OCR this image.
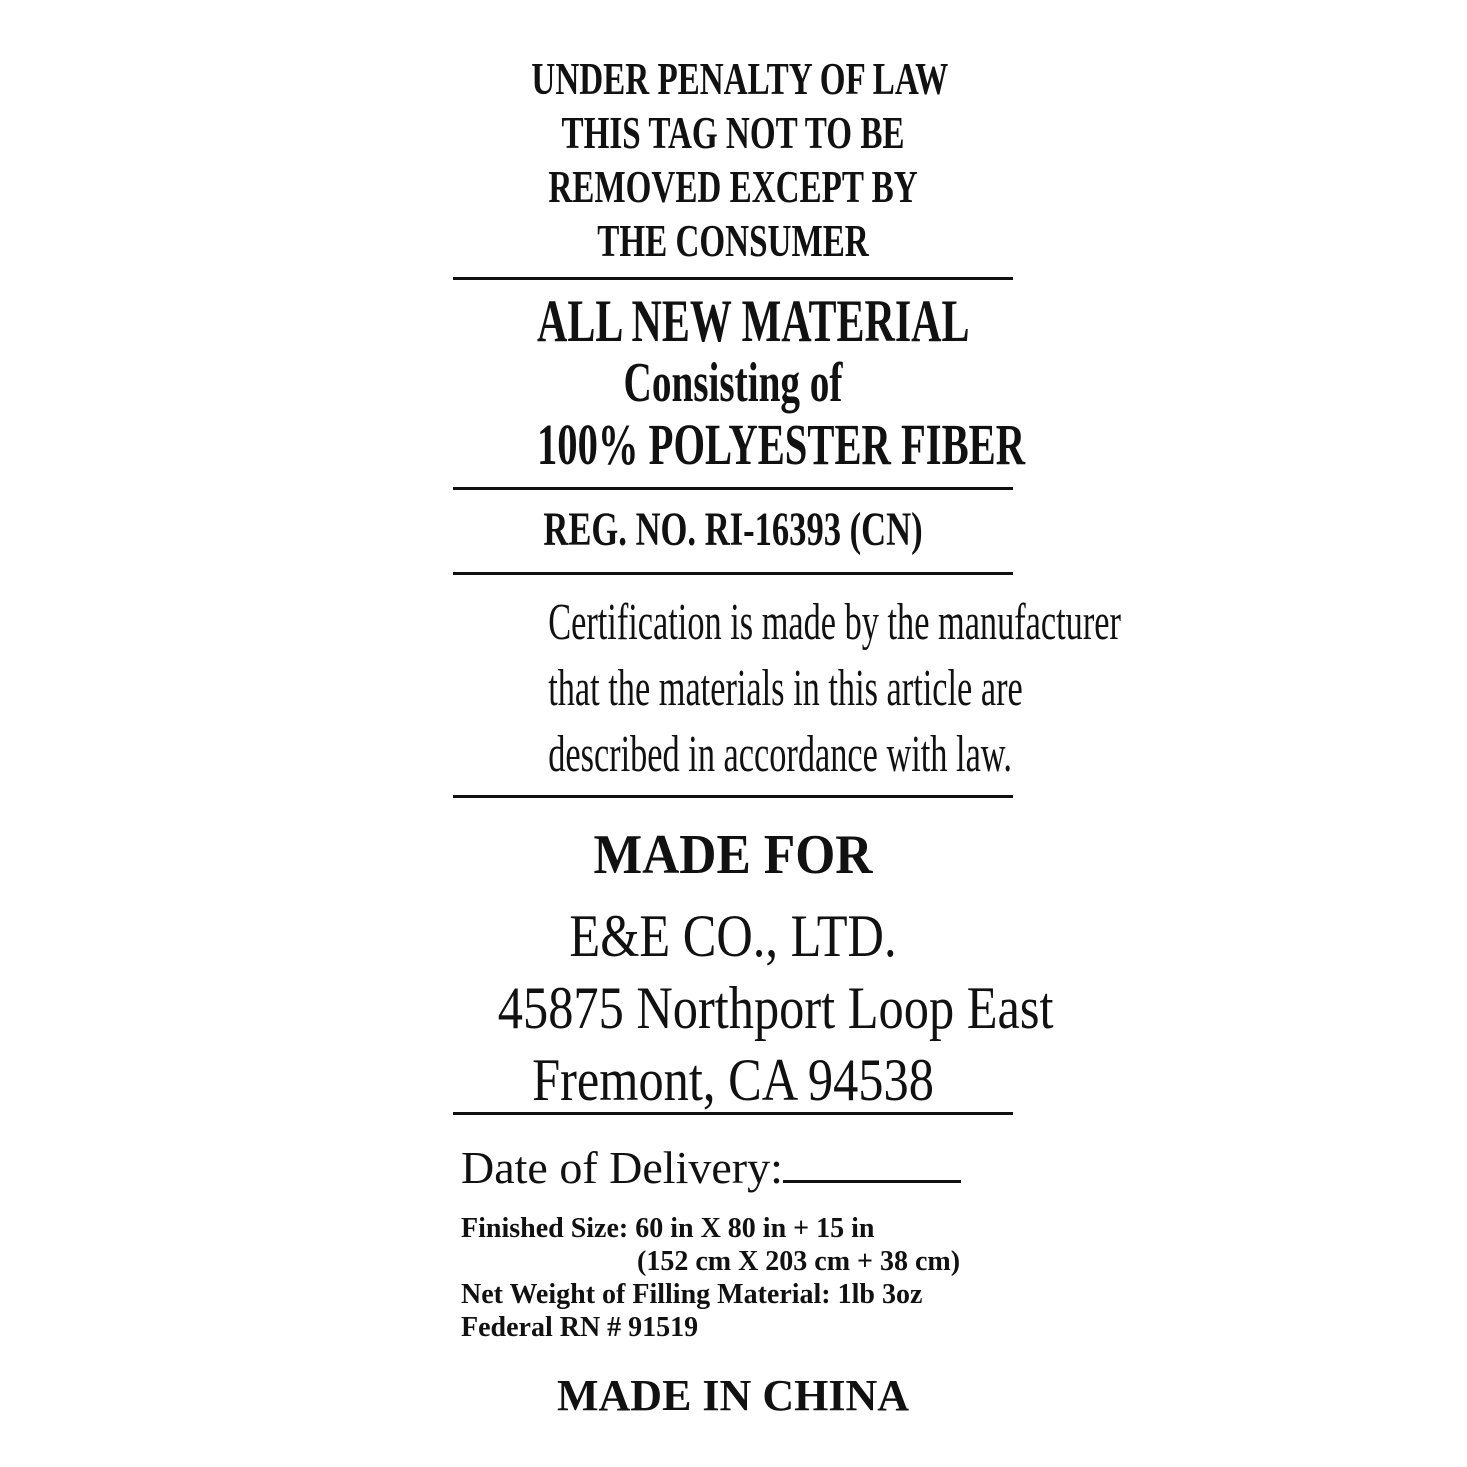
UNDER PENALTY OF LAW
THIS TAG NOT TO BE
REMOVED EXCEPT BY
THE CONSUMER
ALL NEW MATERIAL
Consisting of
100% POLYESTER FIBER
REG. NO. RI-16393 (CN)
Certification is made by the manufacturer
that the materials in this article are
described in accordance with law.
MADE FOR
E&E CO., LTD.
45875 Northport Loop East
Fremont, CA 94538
Date of Delivery:
Finished Size: 60 in X 80 in + 15 in
(152 cm X 203 cm + 38 cm)
Net Weight of Filling Material: 1lb 3oz
Federal RN # 91519
MADE IN CHINA
